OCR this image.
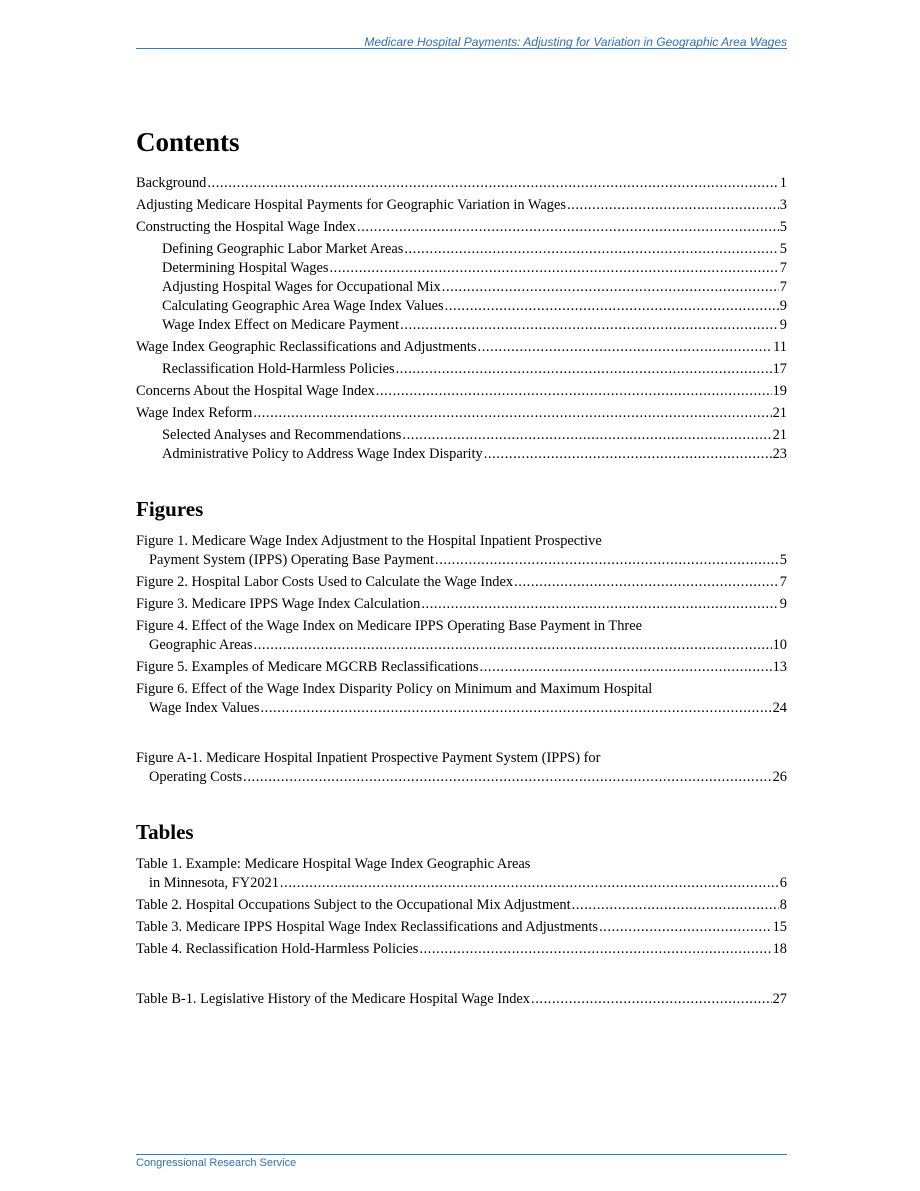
Medicare Hospital Payments: Adjusting for Variation in Geographic Area Wages
Contents
Background .....	1
Adjusting Medicare Hospital Payments for Geographic Variation in Wages .....	3
Constructing the Hospital Wage Index .....	5
Defining Geographic Labor Market Areas .....	5
Determining Hospital Wages .....	7
Adjusting Hospital Wages for Occupational Mix .....	7
Calculating Geographic Area Wage Index Values .....	9
Wage Index Effect on Medicare Payment .....	9
Wage Index Geographic Reclassifications and Adjustments .....	11
Reclassification Hold-Harmless Policies .....	17
Concerns About the Hospital Wage Index .....	19
Wage Index Reform .....	21
Selected Analyses and Recommendations .....	21
Administrative Policy to Address Wage Index Disparity .....	23
Figures
Figure 1. Medicare Wage Index Adjustment to the Hospital Inpatient Prospective
Payment System (IPPS) Operating Base Payment .....	5
Figure 2. Hospital Labor Costs Used to Calculate the Wage Index .....	7
Figure 3. Medicare IPPS Wage Index Calculation .....	9
Figure 4. Effect of the Wage Index on Medicare IPPS Operating Base Payment in Three
Geographic Areas .....	10
Figure 5. Examples of Medicare MGCRB Reclassifications .....	13
Figure 6. Effect of the Wage Index Disparity Policy on Minimum and Maximum Hospital
Wage Index Values .....	24
Figure A-1. Medicare Hospital Inpatient Prospective Payment System (IPPS) for
Operating Costs .....	26
Tables
Table 1. Example: Medicare Hospital Wage Index Geographic Areas
in Minnesota, FY2021 .....	6
Table 2. Hospital Occupations Subject to the Occupational Mix Adjustment .....	8
Table 3. Medicare IPPS Hospital Wage Index Reclassifications and Adjustments .....	15
Table 4. Reclassification Hold-Harmless Policies .....	18
Table B-1. Legislative History of the Medicare Hospital Wage Index .....	27
Congressional Research Service
